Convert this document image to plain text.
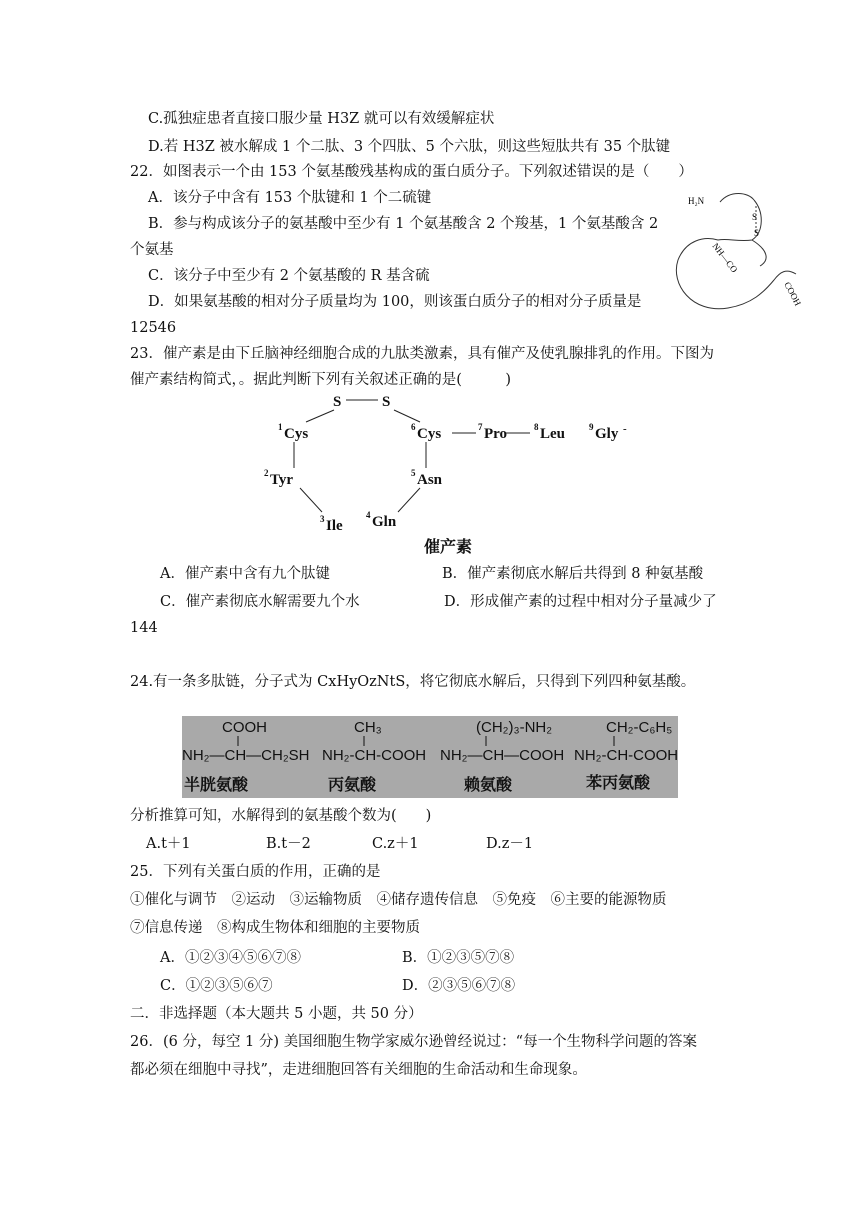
C.孤独症患者直接口服少量 H3Z 就可以有效缓解症状
D.若 H3Z 被水解成 1 个二肽、3 个四肽、5 个六肽，则这些短肽共有 35 个肽键
22．如图表示一个由 153 个氨基酸残基构成的蛋白质分子。下列叙述错误的是（　　）
A．该分子中含有 153 个肽键和 1 个二硫键
B．参与构成该分子的氨基酸中至少有 1 个氨基酸含 2 个羧基，1 个氨基酸含 2
个氨基
C．该分子中至少有 2 个氨基酸的 R 基含硫
D．如果氨基酸的相对分子质量均为 100，则该蛋白质分子的相对分子质量是
12546
H₂N
S
S
NH—CO
COOH
23．催产素是由下丘脑神经细胞合成的九肽类激素，具有催产及使乳腺排乳的作用。下图为
催产素结构简式，。据此判断下列有关叙述正确的是(　　　)
S	S
1 Cys	6 Cys	7 Pro	8 Leu	9 Gly -
2 Tyr	5 Asn
3 Ile
4 Gln
催产素
A．催产素中含有九个肽键	B．催产素彻底水解后共得到 8 种氨基酸
C．催产素彻底水解需要九个水	D．形成催产素的过程中相对分子量减少了
144
24.有一条多肽链，分子式为 CxHyOzNtS，将它彻底水解后，只得到下列四种氨基酸。
COOH
NH₂—CH—CH₂SH
半胱氨酸
CH₃
NH₂-CH-COOH
丙氨酸
(CH₂)₃-NH₂
NH₂—CH—COOH
赖氨酸
CH₂-C₆H₅
NH₂-CH-COOH
苯丙氨酸
分析推算可知，水解得到的氨基酸个数为(　　)
A.t＋1	B.t－2	C.z＋1	D.z－1
25．下列有关蛋白质的作用，正确的是
①催化与调节　②运动　③运输物质　④储存遗传信息　⑤免疫　⑥主要的能源物质
⑦信息传递　⑧构成生物体和细胞的主要物质
A．①②③④⑤⑥⑦⑧	B．①②③⑤⑦⑧
C．①②③⑤⑥⑦	D．②③⑤⑥⑦⑧
二．非选择题（本大题共 5 小题，共 50 分）
26．(6 分，每空 1 分) 美国细胞生物学家威尔逊曾经说过：“每一个生物科学问题的答案
都必须在细胞中寻找”，走进细胞回答有关细胞的生命活动和生命现象。
